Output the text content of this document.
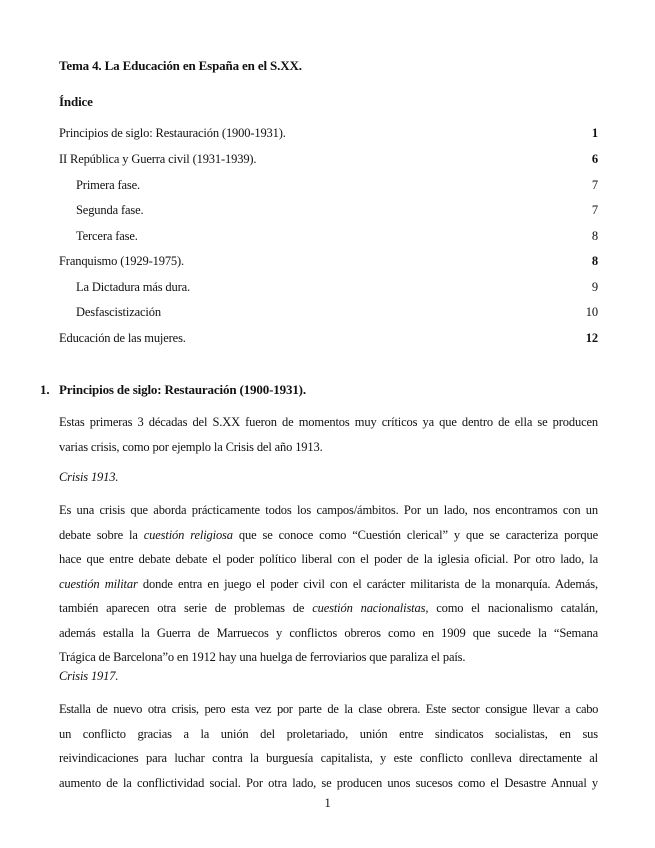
Tema 4. La Educación en España en el S.XX.
Índice
Principios de siglo: Restauración (1900-1931).	1
II República y Guerra civil (1931-1939).	6
Primera fase.	7
Segunda fase.	7
Tercera fase.	8
Franquismo (1929-1975).	8
La Dictadura más dura.	9
Desfascistización	10
Educación de las mujeres.	12
1. Principios de siglo: Restauración (1900-1931).
Estas primeras 3 décadas del S.XX fueron de momentos muy críticos ya que dentro de ella se producen
varias crisis, como por ejemplo la Crisis del año 1913.
Crisis 1913.
Es una crisis que aborda prácticamente todos los campos/ámbitos. Por un lado, nos encontramos con un
debate sobre la cuestión religiosa que se conoce como “Cuestión clerical” y que se caracteriza porque
hace que entre debate debate el poder político liberal con el poder de la iglesia oficial. Por otro lado, la
cuestión militar donde entra en juego el poder civil con el carácter militarista de la monarquía. Además,
también aparecen otra serie de problemas de cuestión nacionalistas, como el nacionalismo catalán,
además estalla la Guerra de Marruecos y conflictos obreros como en 1909 que sucede la “Semana
Trágica de Barcelona”o en 1912 hay una huelga de ferroviarios que paraliza el país.
Crisis 1917.
Estalla de nuevo otra crisis, pero esta vez por parte de la clase obrera. Este sector consigue llevar a cabo
un conflicto gracias a la unión del proletariado, unión entre sindicatos socialistas, en sus
reivindicaciones para luchar contra la burguesía capitalista, y este conflicto conlleva directamente al
aumento de la conflictividad social. Por otra lado, se producen unos sucesos como el Desastre Annual y
1
